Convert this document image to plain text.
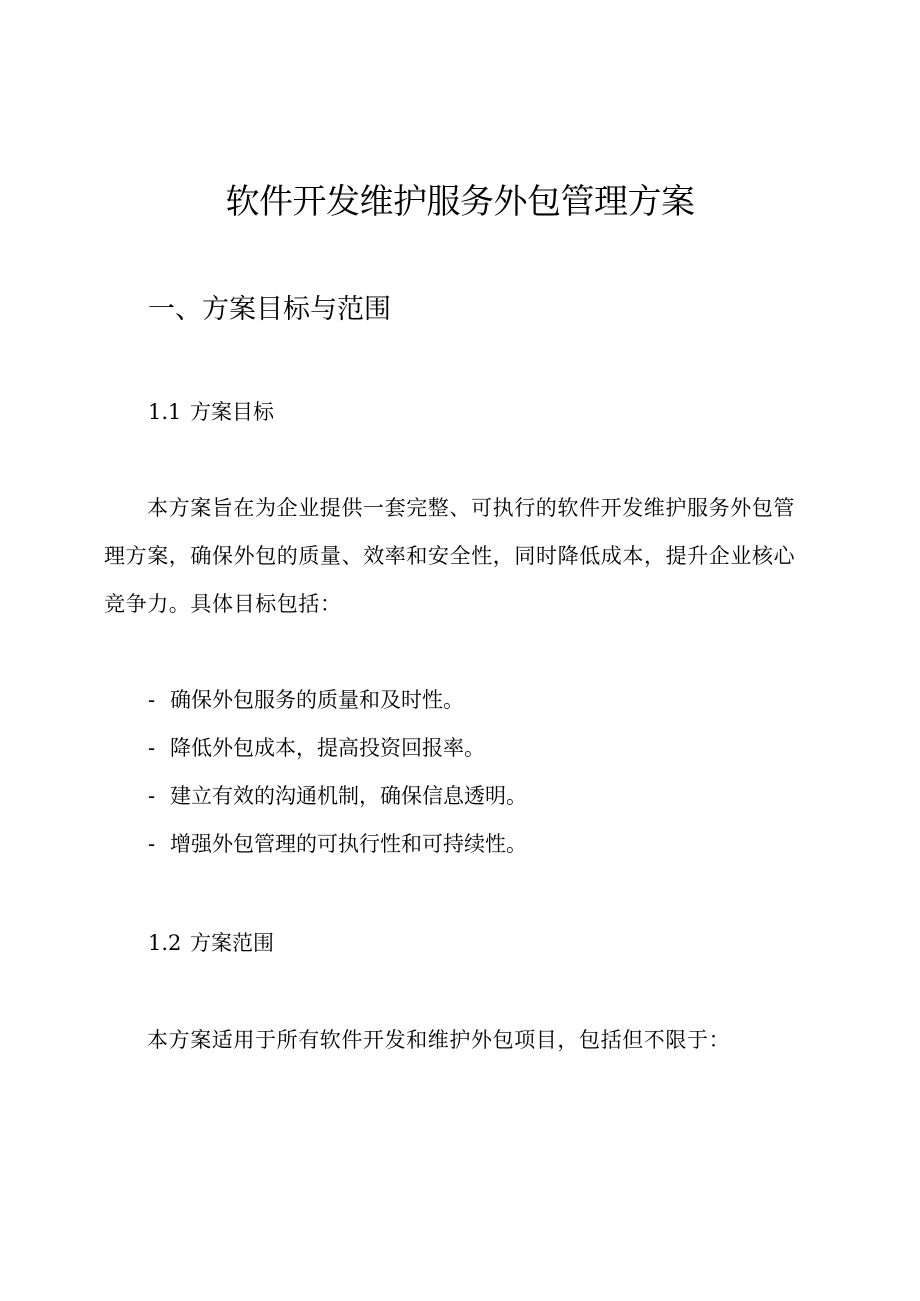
软件开发维护服务外包管理方案
一、方案目标与范围
1.1 方案目标

本方案旨在为企业提供一套完整、可执行的软件开发维护服务外包管理方案，确保外包的质量、效率和安全性，同时降低成本，提升企业核心竞争力。具体目标包括：

- 确保外包服务的质量和及时性。
- 降低外包成本，提高投资回报率。
- 建立有效的沟通机制，确保信息透明。
- 增强外包管理的可执行性和可持续性。
1.2 方案范围

本方案适用于所有软件开发和维护外包项目，包括但不限于：
